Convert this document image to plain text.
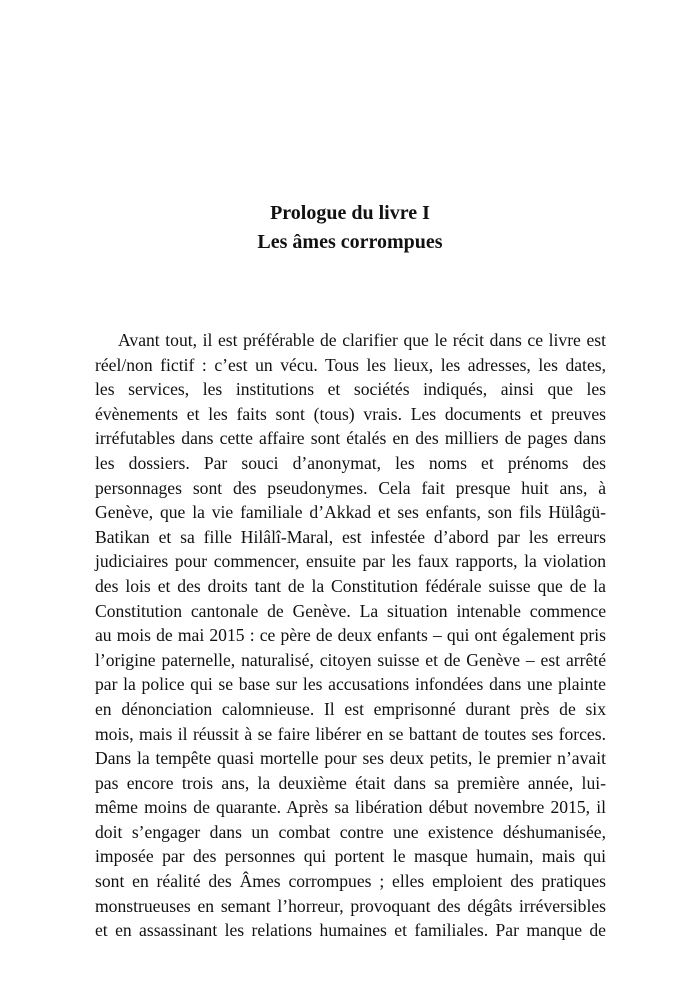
Prologue du livre I
Les âmes corrompues
Avant tout, il est préférable de clarifier que le récit dans ce livre est
réel/non fictif : c’est un vécu. Tous les lieux, les adresses, les dates,
les services, les institutions et sociétés indiqués, ainsi que les
évènements et les faits sont (tous) vrais. Les documents et preuves
irréfutables dans cette affaire sont étalés en des milliers de pages dans
les dossiers. Par souci d’anonymat, les noms et prénoms des
personnages sont des pseudonymes. Cela fait presque huit ans, à
Genève, que la vie familiale d’Akkad et ses enfants, son fils Hülâgü-
Batikan et sa fille Hilâlî-Maral, est infestée d’abord par les erreurs
judiciaires pour commencer, ensuite par les faux rapports, la violation
des lois et des droits tant de la Constitution fédérale suisse que de la
Constitution cantonale de Genève. La situation intenable commence
au mois de mai 2015 : ce père de deux enfants – qui ont également pris
l’origine paternelle, naturalisé, citoyen suisse et de Genève – est arrêté
par la police qui se base sur les accusations infondées dans une plainte
en dénonciation calomnieuse. Il est emprisonné durant près de six
mois, mais il réussit à se faire libérer en se battant de toutes ses forces.
Dans la tempête quasi mortelle pour ses deux petits, le premier n’avait
pas encore trois ans, la deuxième était dans sa première année, lui-
même moins de quarante. Après sa libération début novembre 2015, il
doit s’engager dans un combat contre une existence déshumanisée,
imposée par des personnes qui portent le masque humain, mais qui
sont en réalité des Âmes corrompues ; elles emploient des pratiques
monstrueuses en semant l’horreur, provoquant des dégâts irréversibles
et en assassinant les relations humaines et familiales. Par manque de
